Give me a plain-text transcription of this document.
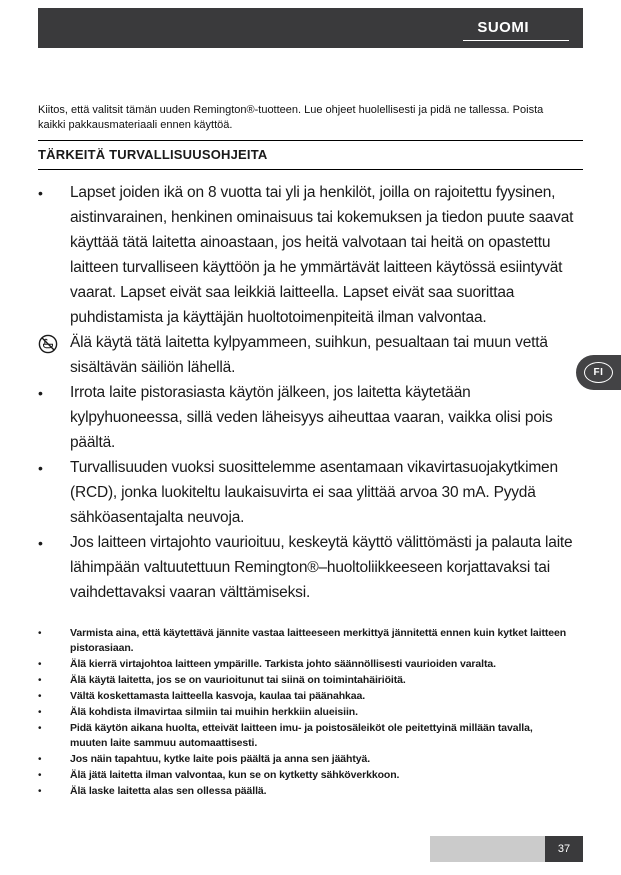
SUOMI

Kiitos, että valitsit tämän uuden Remington®-tuotteen. Lue ohjeet huolellisesti ja pidä ne tallessa. Poista kaikki pakkausmateriaali ennen käyttöä.

TÄRKEITÄ TURVALLISUUSOHJEITA
•	Lapset joiden ikä on 8 vuotta tai yli ja henkilöt, joilla on rajoitettu fyysinen, aistinvarainen, henkinen ominaisuus tai kokemuksen ja tiedon puute saavat käyttää tätä laitetta ainoastaan, jos heitä valvotaan tai heitä on opastettu laitteen turvalliseen käyttöön ja he ymmärtävät laitteen käytössä esiintyvät vaarat. Lapset eivät saa leikkiä laitteella. Lapset eivät saa suorittaa puhdistamista ja käyttäjän huoltotoimenpiteitä ilman valvontaa.
Älä käytä tätä laitetta kylpyammeen, suihkun, pesualtaan tai muun vettä sisältävän säiliön lähellä.
•	Irrota laite pistorasiasta käytön jälkeen, jos laitetta käytetään kylpyhuoneessa, sillä veden läheisyys aiheuttaa vaaran, vaikka olisi pois päältä.
•	Turvallisuuden vuoksi suosittelemme asentamaan vikavirtasuojakytkimen (RCD), jonka luokiteltu laukaisuvirta ei saa ylittää arvoa 30 mA. Pyydä sähköasentajalta neuvoja.
•	Jos laitteen virtajohto vaurioituu, keskeytä käyttö välittömästi ja palauta laite lähimpään valtuutettuun Remington®–huoltoliikkeeseen korjattavaksi tai vaihdettavaksi vaaran välttämiseksi.
•	Varmista aina, että käytettävä jännite vastaa laitteeseen merkittyä jännitettä ennen kuin kytket laitteen pistorasiaan.
•	Älä kierrä virtajohtoa laitteen ympärille. Tarkista johto säännöllisesti vaurioiden varalta.
•	Älä käytä laitetta, jos se on vaurioitunut tai siinä on toimintahäiriöitä.
•	Vältä koskettamasta laitteella kasvoja, kaulaa tai päänahkaa.
•	Älä kohdista ilmavirtaa silmiin tai muihin herkkiin alueisiin.
•	Pidä käytön aikana huolta, etteivät laitteen imu- ja poistosäleiköt ole peitettyinä millään tavalla, muuten laite sammuu automaattisesti.
•	Jos näin tapahtuu, kytke laite pois päältä ja anna sen jäähtyä.
•	Älä jätä laitetta ilman valvontaa, kun se on kytketty sähköverkkoon.
•	Älä laske laitetta alas sen ollessa päällä.
FI
37
